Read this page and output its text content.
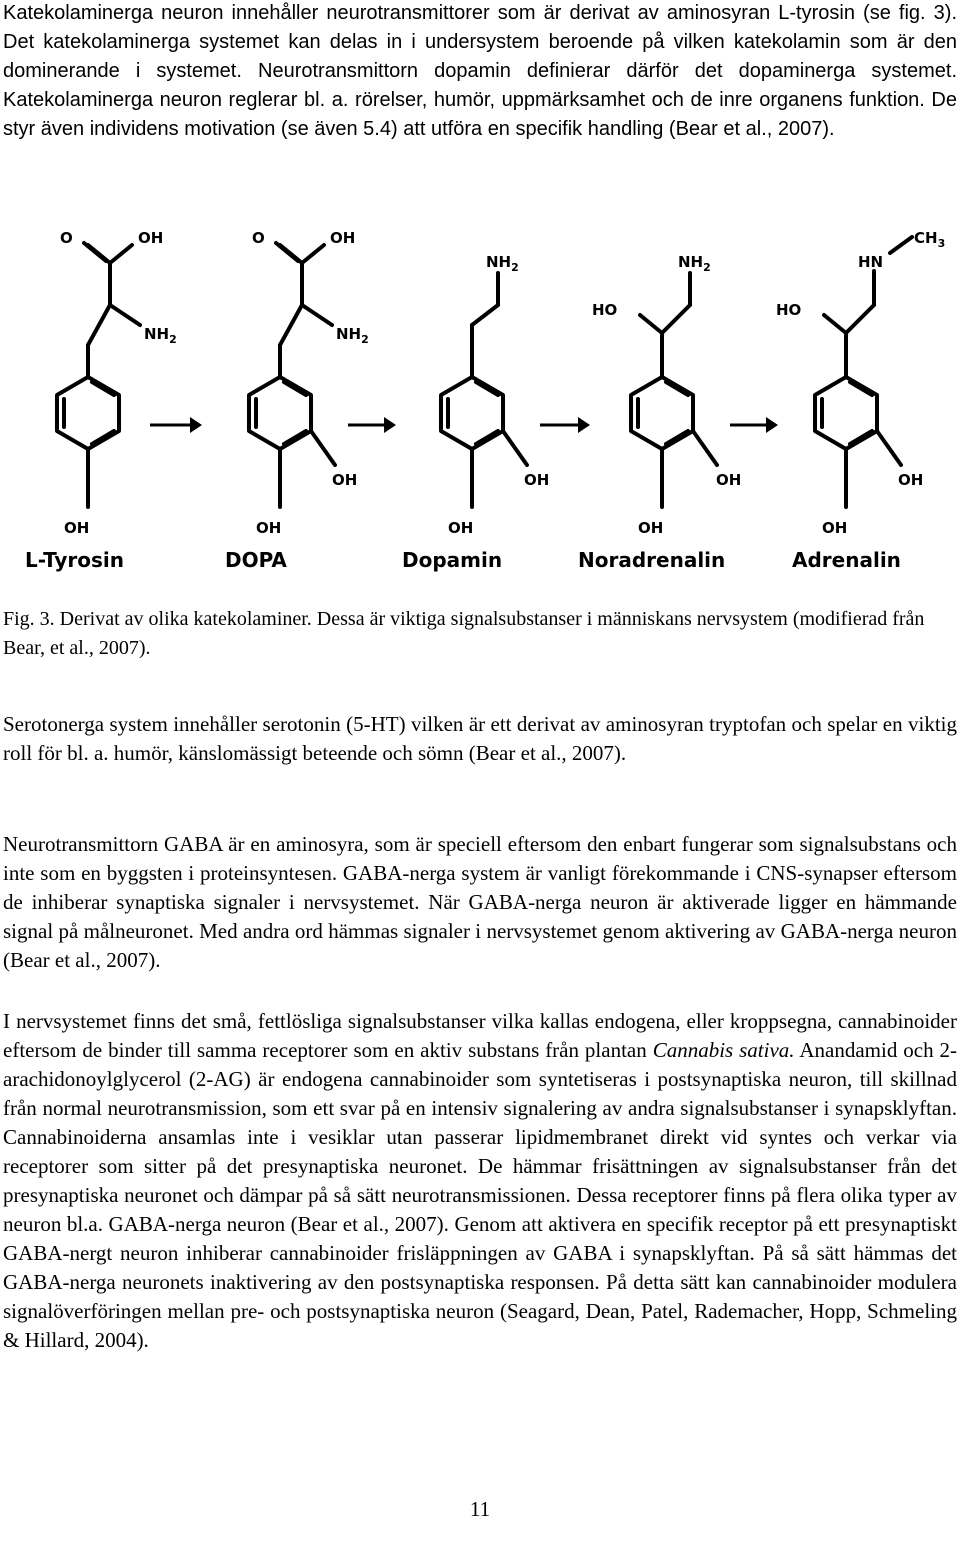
Katekolaminerga neuron innehåller neurotransmittorer som är derivat av aminosyran L-tyrosin (se fig. 3). Det katekolaminerga systemet kan delas in i undersystem beroende på vilken katekolamin som är den dominerande i systemet. Neurotransmittorn dopamin definierar därför det dopaminerga systemet. Katekolaminerga neuron reglerar bl. a. rörelser, humör, uppmärksamhet och de inre organens funktion. De styr även individens motivation (se även 5.4) att utföra en specifik handling (Bear et al., 2007).

O	OH
$NH_2$
OH
L-Tyrosin
O	OH
$NH_2$
OH
OH
DOPA
$NH_2$
OH
OH
Dopamin
$NH_2$
HO
OH
OH
Noradrenalin
HN
$CH_3$
HO
OH
OH
Adrenalin
Fig. 3. Derivat av olika katekolaminer. Dessa är viktiga signalsubstanser i människans nervsystem (modifierad från Bear, et al., 2007).

Serotonerga system innehåller serotonin (5-HT) vilken är ett derivat av aminosyran tryptofan och spelar en viktig roll för bl. a. humör, känslomässigt beteende och sömn (Bear et al., 2007).

Neurotransmittorn GABA är en aminosyra, som är speciell eftersom den enbart fungerar som signalsubstans och inte som en byggsten i proteinsyntesen. GABA-nerga system är vanligt förekommande i CNS-synapser eftersom de inhiberar synaptiska signaler i nervsystemet. När GABA-nerga neuron är aktiverade ligger en hämmande signal på målneuronet. Med andra ord hämmas signaler i nervsystemet genom aktivering av GABA-nerga neuron (Bear et al., 2007).

I nervsystemet finns det små, fettlösliga signalsubstanser vilka kallas endogena, eller kroppsegna, cannabinoider eftersom de binder till samma receptorer som en aktiv substans från plantan Cannabis sativa. Anandamid och 2-arachidonoylglycerol (2-AG) är endogena cannabinoider som syntetiseras i postsynaptiska neuron, till skillnad från normal neurotransmission, som ett svar på en intensiv signalering av andra signalsubstanser i synapsklyftan. Cannabinoiderna ansamlas inte i vesiklar utan passerar lipidmembranet direkt vid syntes och verkar via receptorer som sitter på det presynaptiska neuronet. De hämmar frisättningen av signalsubstanser från det presynaptiska neuronet och dämpar på så sätt neurotransmissionen. Dessa receptorer finns på flera olika typer av neuron bl.a. GABA-nerga neuron (Bear et al., 2007). Genom att aktivera en specifik receptor på ett presynaptiskt GABA-nergt neuron inhiberar cannabinoider frisläppningen av GABA i synapsklyftan. På så sätt hämmas det GABA-nerga neuronets inaktivering av den postsynaptiska responsen. På detta sätt kan cannabinoider modulera signalöverföringen mellan pre- och postsynaptiska neuron (Seagard, Dean, Patel, Rademacher, Hopp, Schmeling & Hillard, 2004).

11
